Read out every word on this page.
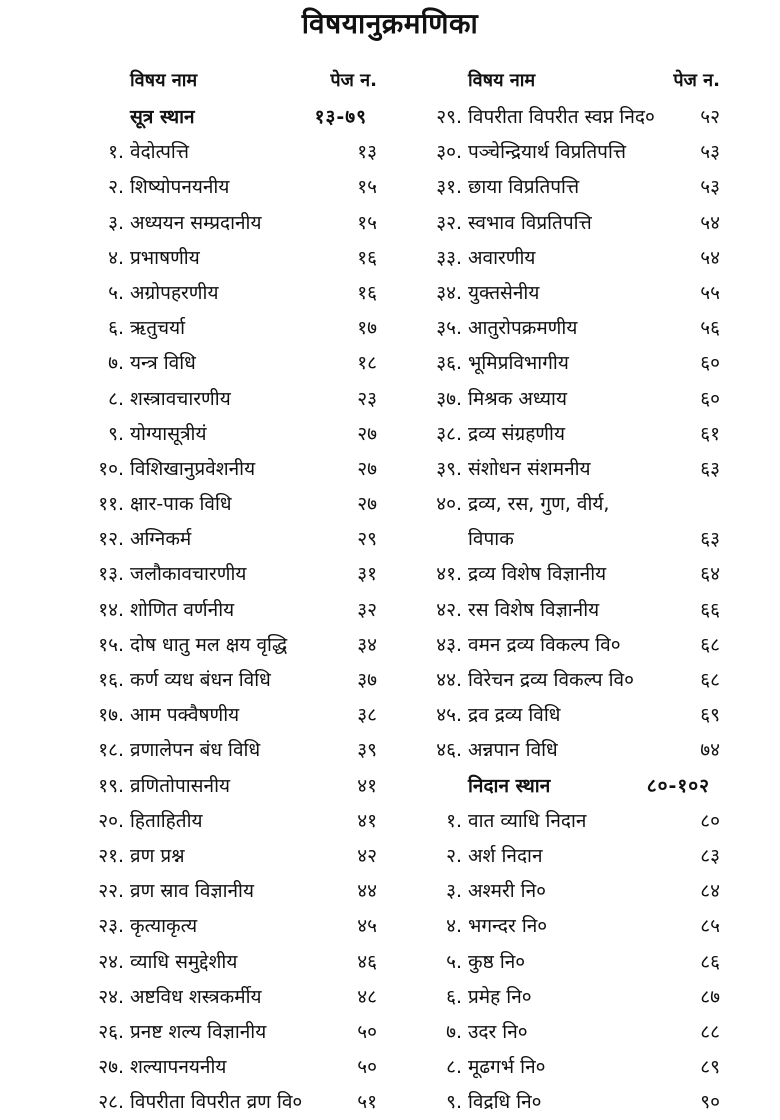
विषयानुक्रमणिका
विषय नाम	पेज न.
सूत्र स्थान	१३-७९
१. वेदोत्पत्ति	१३
२. शिष्योपनयनीय	१५
३. अध्ययन सम्प्रदानीय	१५
४. प्रभाषणीय	१६
५. अग्रोपहरणीय	१६
६. ऋतुचर्या	१७
७. यन्त्र विधि	१८
८. शस्त्रावचारणीय	२३
९. योग्यासूत्रीयं	२७
१०. विशिखानुप्रवेशनीय	२७
११. क्षार-पाक विधि	२७
१२. अग्निकर्म	२९
१३. जलौकावचारणीय	३१
१४. शोणित वर्णनीय	३२
१५. दोष धातु मल क्षय वृद्धि	३४
१६. कर्ण व्यध बंधन विधि	३७
१७. आम पक्वैषणीय	३८
१८. व्रणालेपन बंध विधि	३९
१९. व्रणितोपासनीय	४१
२०. हिताहितीय	४१
२१. व्रण प्रश्न	४२
२२. व्रण स्राव विज्ञानीय	४४
२३. कृत्याकृत्य	४५
२४. व्याधि समुद्देशीय	४६
२४. अष्टविध शस्त्रकर्मीय	४८
२६. प्रनष्ट शल्य विज्ञानीय	५०
२७. शल्यापनयनीय	५०
२८. विपरीता विपरीत व्रण वि०	५१
विषय नाम	पेज न.
२९. विपरीता विपरीत स्वप्न निद० ५२
३०. पञ्चेन्द्रियार्थ विप्रतिपत्ति	५३
३१. छाया विप्रतिपत्ति	५३
३२. स्वभाव विप्रतिपत्ति	५४
३३. अवारणीय	५४
३४. युक्तसेनीय	५५
३५. आतुरोपक्रमणीय	५६
३६. भूमिप्रविभागीय	६०
३७. मिश्रक अध्याय	६०
३८. द्रव्य संग्रहणीय	६१
३९. संशोधन संशमनीय	६३
४०. द्रव्य, रस, गुण, वीर्य,
विपाक	६३
४१. द्रव्य विशेष विज्ञानीय	६४
४२. रस विशेष विज्ञानीय	६६
४३. वमन द्रव्य विकल्प वि०	६८
४४. विरेचन द्रव्य विकल्प वि०	६८
४५. द्रव द्रव्य विधि	६९
४६. अन्नपान विधि	७४
निदान स्थान	८०-१०२
१. वात व्याधि निदान	८०
२. अर्श निदान	८३
३. अश्मरी नि०	८४
४. भगन्दर नि०	८५
५. कुष्ठ नि०	८६
६. प्रमेह नि०	८७
७. उदर नि०	८८
८. मूढगर्भ नि०	८९
९. विद्रधि नि०	९०
